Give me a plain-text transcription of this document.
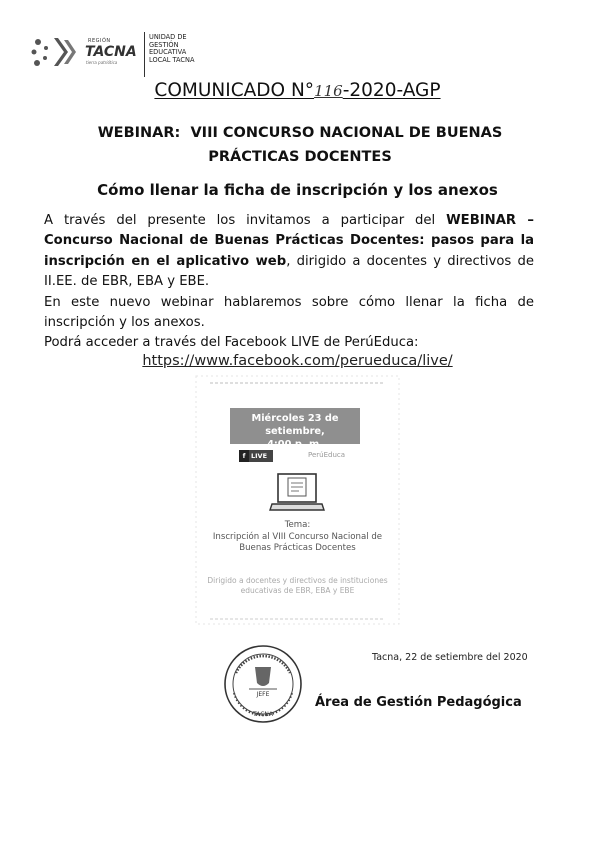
REGIÓN
TACNA
tierra patriótica
UNIDAD DE
GESTIÓN
EDUCATIVA
LOCAL TACNA
COMUNICADO N°116-2020-AGP
WEBINAR:  VIII CONCURSO NACIONAL DE BUENAS
PRÁCTICAS DOCENTES
Cómo llenar la ficha de inscripción y los anexos

A través del presente los invitamos a participar del WEBINAR – Concurso Nacional de Buenas Prácticas Docentes: pasos para la inscripción en el aplicativo web, dirigido a docentes y directivos de II.EE. de EBR, EBA y EBE.

En este nuevo webinar hablaremos sobre cómo llenar la ficha de inscripción y los anexos.

Podrá acceder a través del Facebook LIVE de PerúEduca:

https://www.facebook.com/perueduca/live/
Miércoles 23 de setiembre,
4:00 p. m.
f LIVE	PerúEduca
Tema:
Inscripción al VIII Concurso Nacional de Buenas Prácticas Docentes
Dirigido a docentes y directivos de instituciones educativas de EBR, EBA y EBE
Tacna, 22 de setiembre del 2020
JEFE
TACNA
Área de Gestión Pedagógica
